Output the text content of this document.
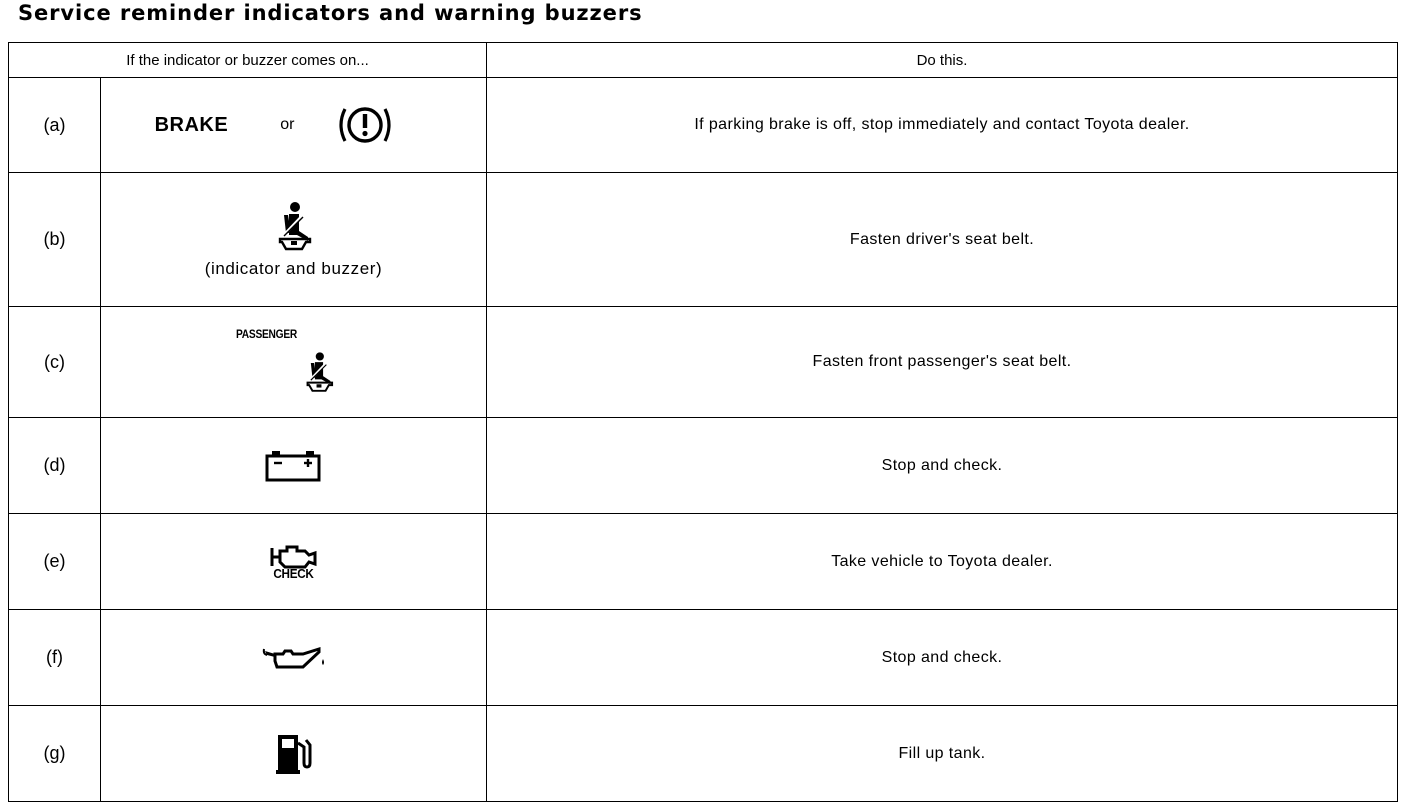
Service reminder indicators and warning buzzers
If the indicator or buzzer comes on...		Do this.
(a)	BRAKE or	If parking brake is off, stop immediately and contact Toyota dealer.
(b)	(indicator and buzzer)	Fasten driver's seat belt.
(c)	PASSENGER	Fasten front passenger's seat belt.
(d)		Stop and check.
(e)	CHECK	Take vehicle to Toyota dealer.
(f)		Stop and check.
(g)		Fill up tank.
